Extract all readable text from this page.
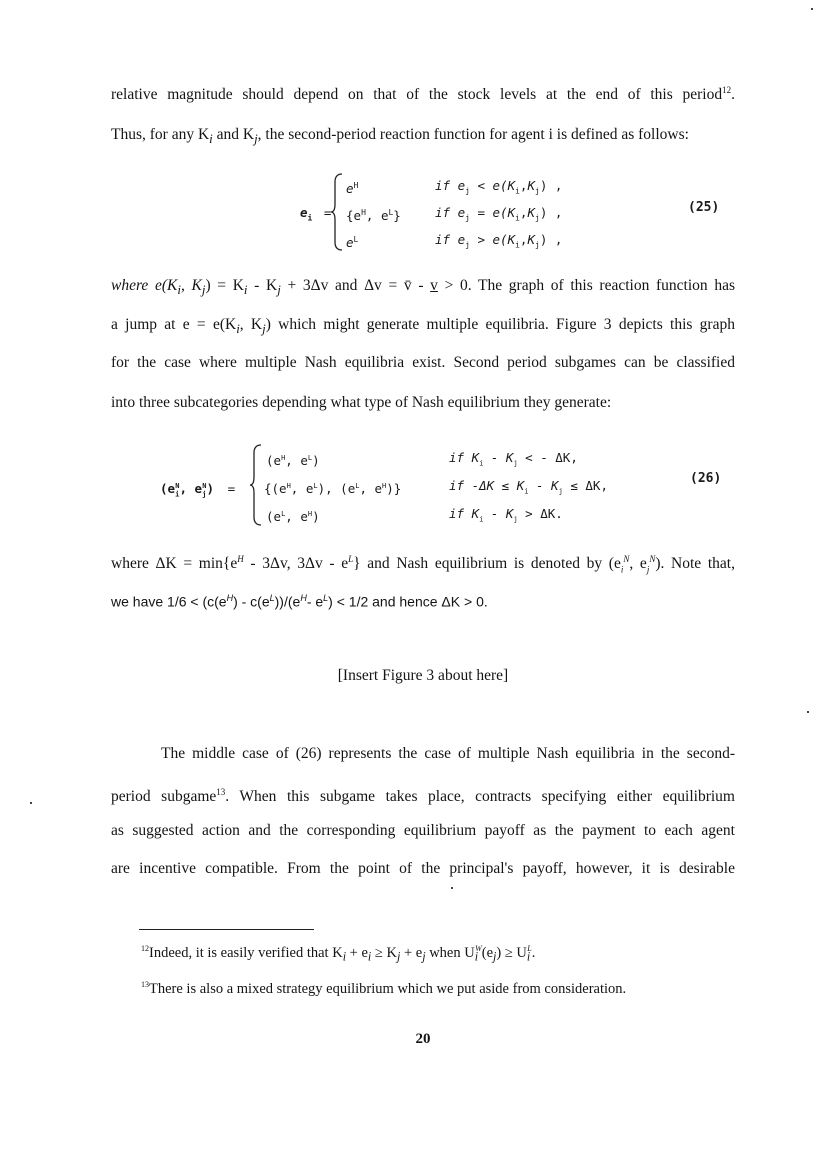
relative magnitude should depend on that of the stock levels at the end of this period$^{12}$.
Thus, for any $K_i$ and $K_j$, the second-period reaction function for agent i is defined as follows:
$e_i$ =
$e^H$
{$e^H$, $e^L$}
$e^L$
if $e_j < e(K_i,K_j)$ ,
if $e_j = e(K_i,K_j)$ ,
if $e_j > e(K_i,K_j)$ ,
(25)
where $e(K_i$, $K_j) = K_i - K_j + 3\Delta v$ and Δv = v̄ - v > 0. The graph of this reaction function has
a jump at $e = e(K_i$, $K_j$) which might generate multiple equilibria. Figure 3 depicts this graph
for the case where multiple Nash equilibria exist. Second period subgames can be classified
into three subcategories depending what type of Nash equilibrium they generate:
($e_i^N$, $e_j^N$) =
($e^H$, $e^L$)
{($e^H$, $e^L$), ($e^L$, $e^H$)}
($e^L$, $e^H$)
if $K_i - K_j$ < - ΔK,
if $-\Delta K \le K_i - K_j \le \Delta K$,
if $K_i - K_j > \Delta K$.
(26)
where $\Delta K = \min\{e^H - 3\Delta v$, $3\Delta v - e^L$} and Nash equilibrium is denoted by ($e_i^N$, $e_j^N$). Note that,
we have $1/6 < (c(e^H) - c(e^L))/(e^H-$ $e^L) < 1/2$ and hence ΔK > 0.
[Insert Figure 3 about here]
The middle case of (26) represents the case of multiple Nash equilibria in the second-
period subgame$^{13}$. When this subgame takes place, contracts specifying either equilibrium
as suggested action and the corresponding equilibrium payoff as the payment to each agent
are incentive compatible. From the point of the principal's payoff, however, it is desirable
$^{12}$Indeed, it is easily verified that $K_i + e_i \ge K_j + e_j$ when $U_i^W(e_j) \ge U_i^L$.
$^{13}$There is also a mixed strategy equilibrium which we put aside from consideration.
20
